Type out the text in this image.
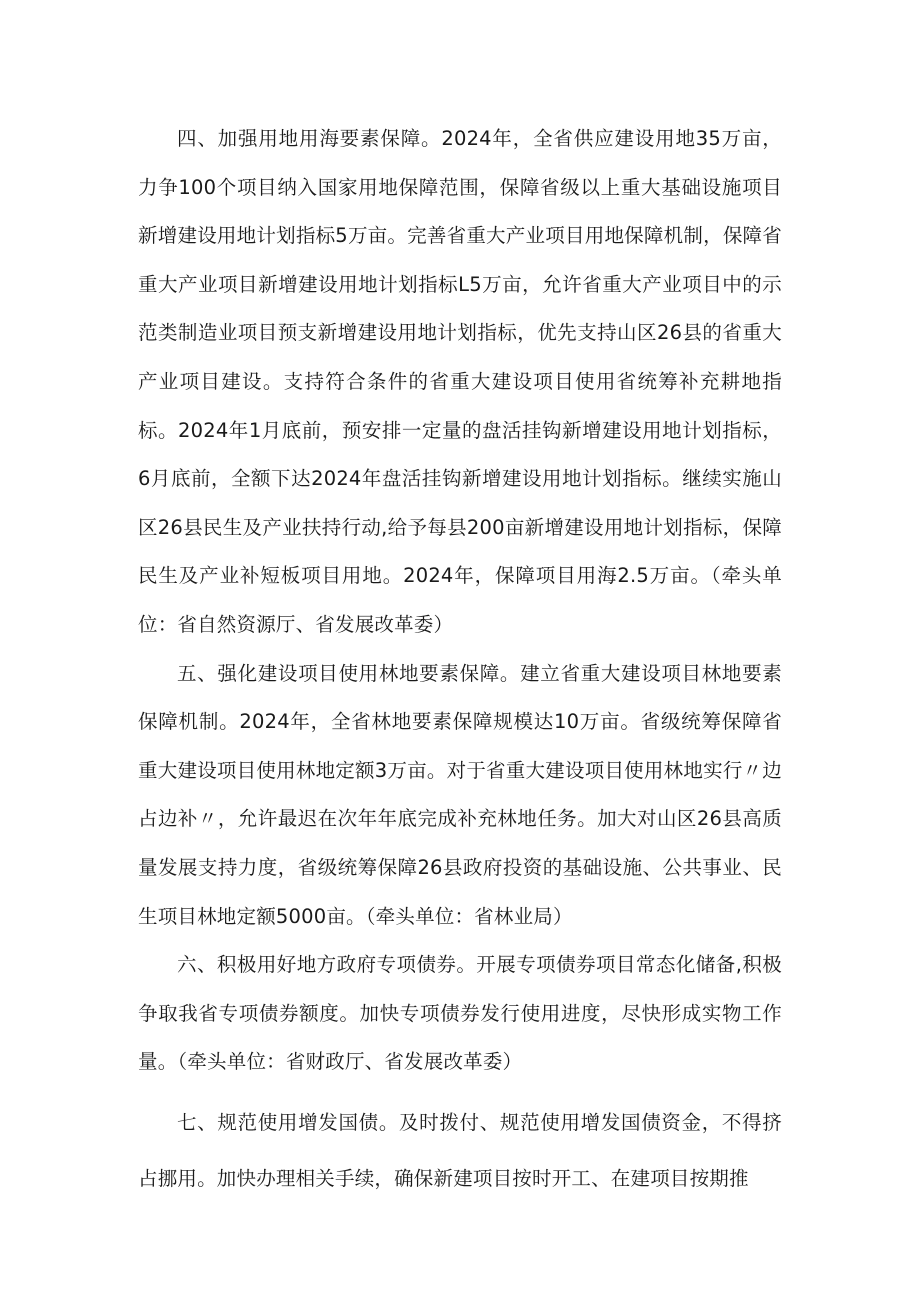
四、加强用地用海要素保障。2024年，全省供应建设用地35万亩，力争100个项目纳入国家用地保障范围，保障省级以上重大基础设施项目新增建设用地计划指标5万亩。完善省重大产业项目用地保障机制，保障省重大产业项目新增建设用地计划指标L5万亩，允许省重大产业项目中的示范类制造业项目预支新增建设用地计划指标，优先支持山区26县的省重大产业项目建设。支持符合条件的省重大建设项目使用省统筹补充耕地指标。2024年1月底前，预安排一定量的盘活挂钩新增建设用地计划指标，6月底前，全额下达2024年盘活挂钩新增建设用地计划指标。继续实施山区26县民生及产业扶持行动,给予每县200亩新增建设用地计划指标，保障民生及产业补短板项目用地。2024年，保障项目用海2.5万亩。（牵头单位：省自然资源厅、省发展改革委）

五、强化建设项目使用林地要素保障。建立省重大建设项目林地要素保障机制。2024年，全省林地要素保障规模达10万亩。省级统筹保障省重大建设项目使用林地定额3万亩。对于省重大建设项目使用林地实行〃边占边补〃，允许最迟在次年年底完成补充林地任务。加大对山区26县高质量发展支持力度，省级统筹保障26县政府投资的基础设施、公共事业、民生项目林地定额5000亩。（牵头单位：省林业局）

六、积极用好地方政府专项债券。开展专项债券项目常态化储备,积极争取我省专项债券额度。加快专项债券发行使用进度，尽快形成实物工作量。（牵头单位：省财政厅、省发展改革委）

七、规范使用增发国债。及时拨付、规范使用增发国债资金，不得挤占挪用。加快办理相关手续，确保新建项目按时开工、在建项目按期推
